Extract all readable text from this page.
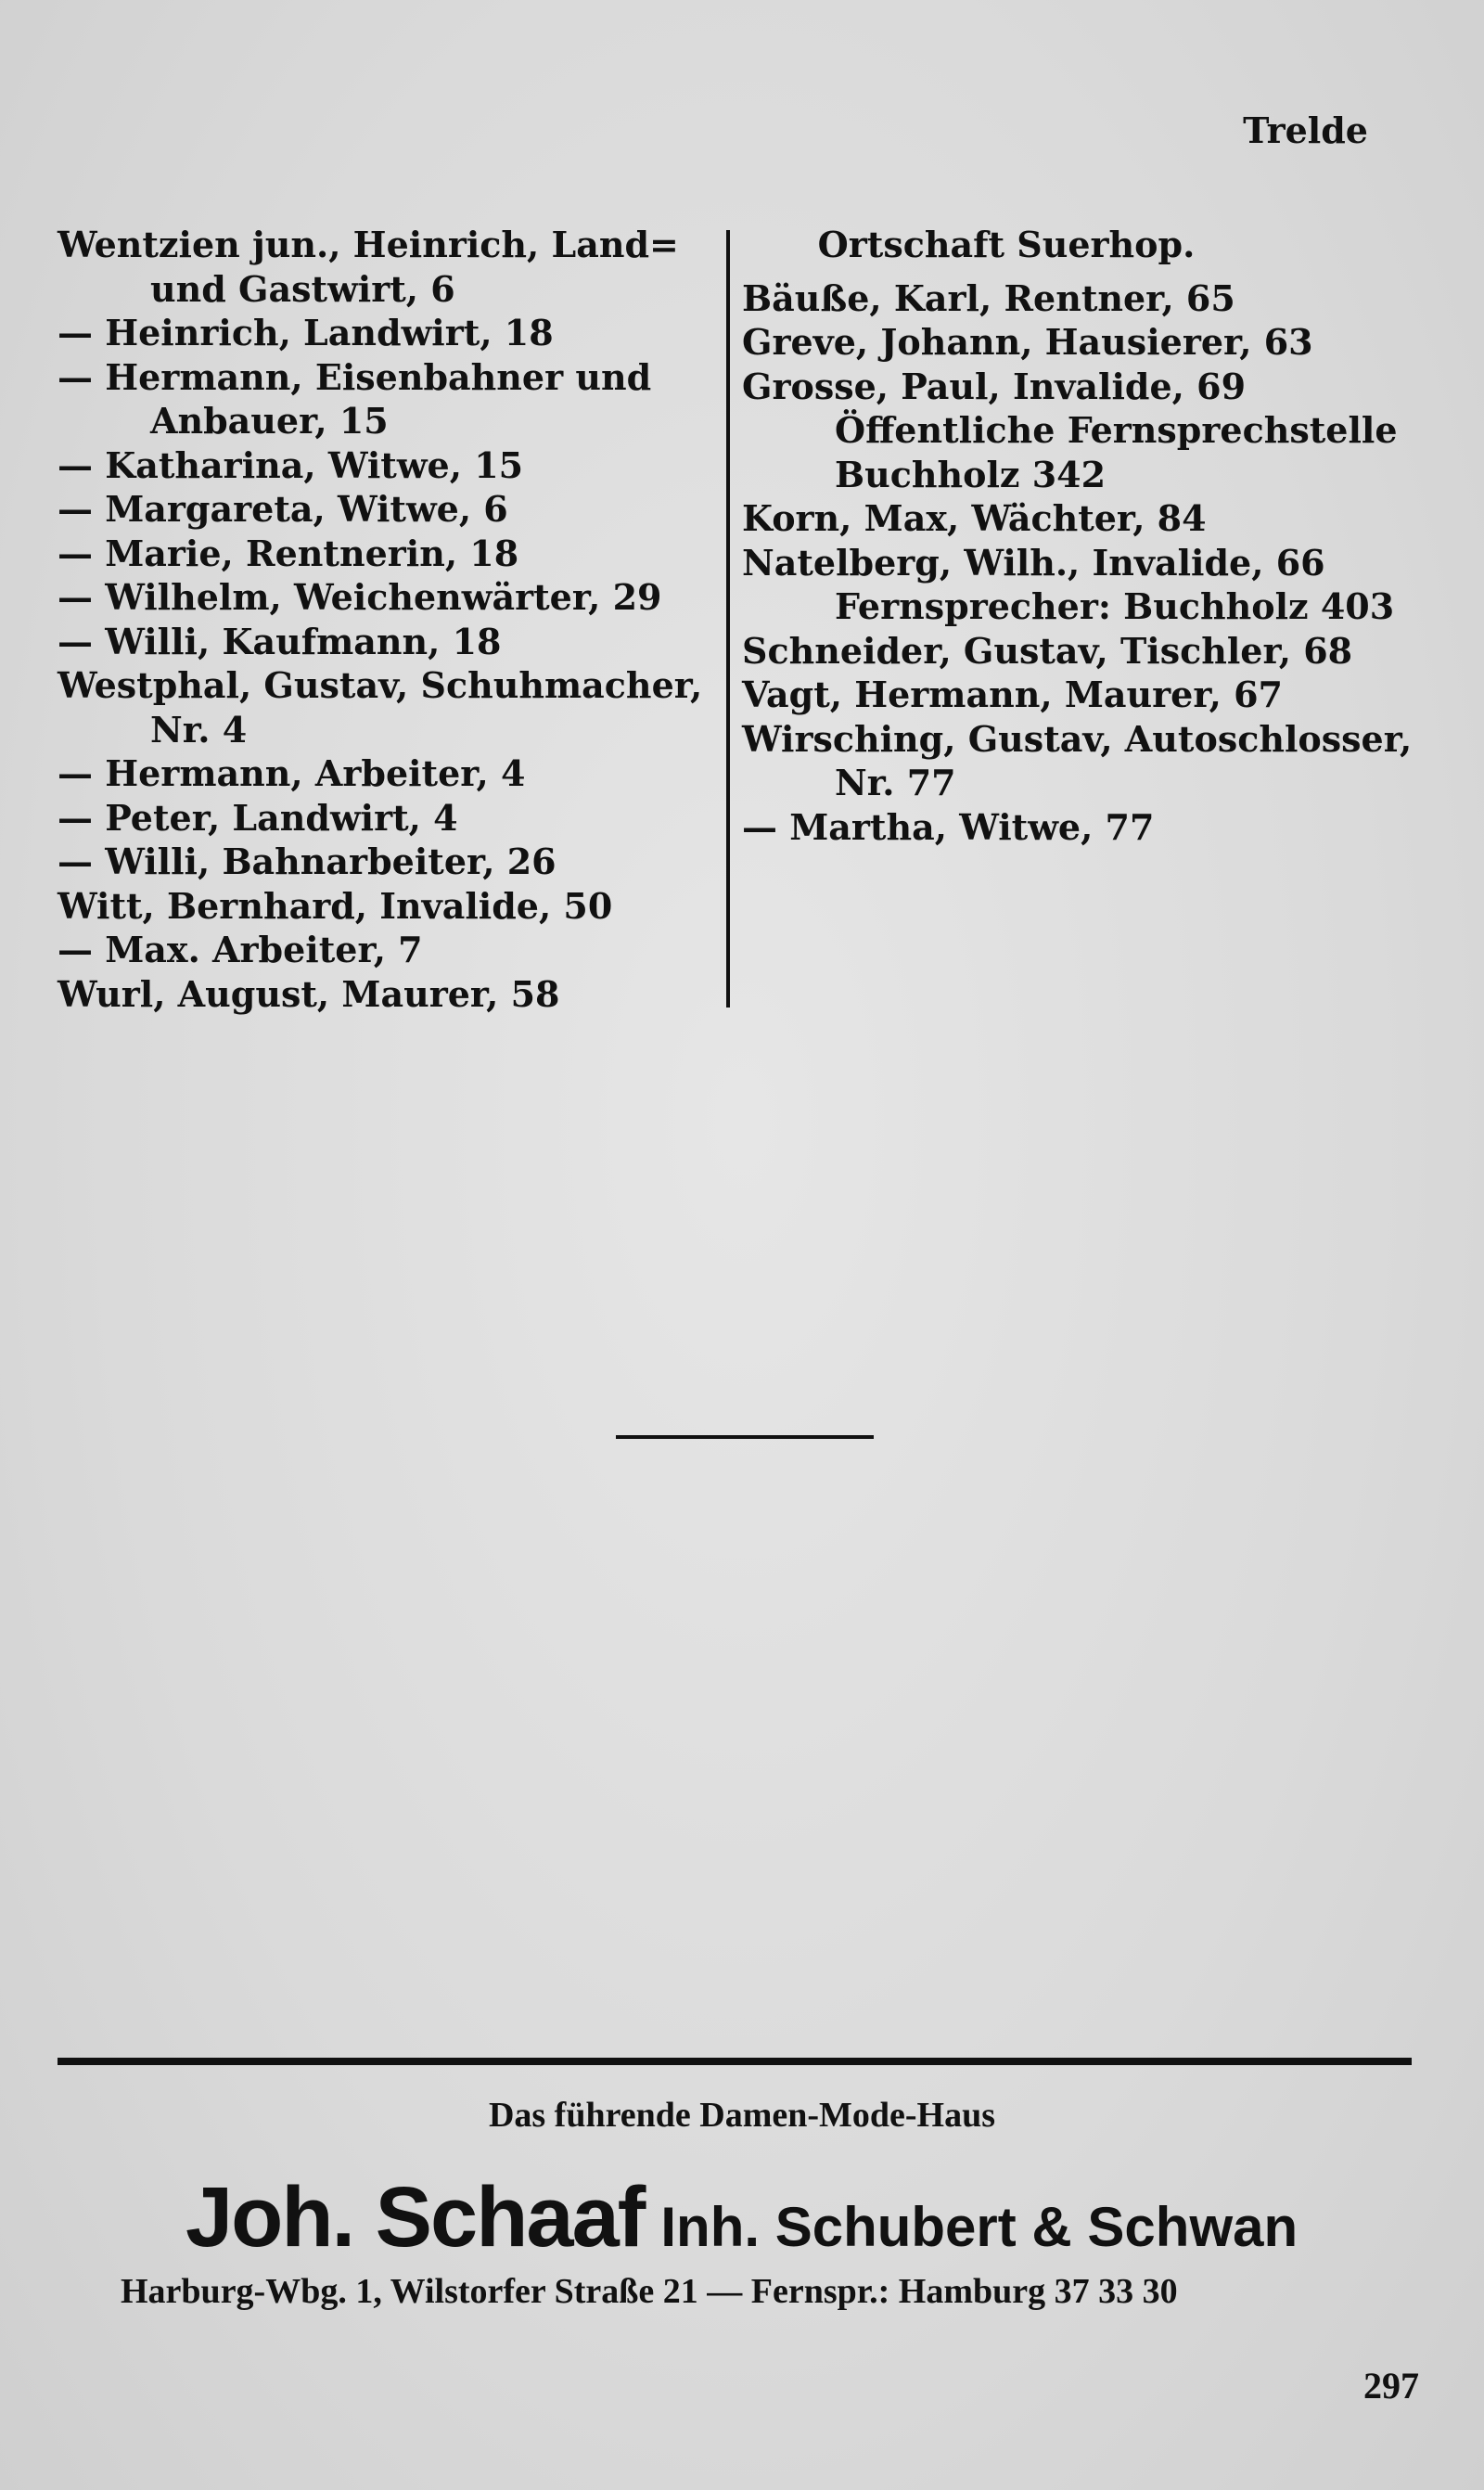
Trelde
Wentzien jun., Heinrich, Land=
und Gastwirt, 6
— Heinrich, Landwirt, 18
— Hermann, Eisenbahner und
Anbauer, 15
— Katharina, Witwe, 15
— Margareta, Witwe, 6
— Marie, Rentnerin, 18
— Wilhelm, Weichenwärter, 29
— Willi, Kaufmann, 18
Westphal, Gustav, Schuhmacher,
Nr. 4
— Hermann, Arbeiter, 4
— Peter, Landwirt, 4
— Willi, Bahnarbeiter, 26
Witt, Bernhard, Invalide, 50
— Max. Arbeiter, 7
Wurl, August, Maurer, 58
Ortschaft Suerhop.
Bäuße, Karl, Rentner, 65
Greve, Johann, Hausierer, 63
Grosse, Paul, Invalide, 69
Öffentliche Fernsprechstelle
Buchholz 342
Korn, Max, Wächter, 84
Natelberg, Wilh., Invalide, 66
Fernsprecher: Buchholz 403
Schneider, Gustav, Tischler, 68
Vagt, Hermann, Maurer, 67
Wirsching, Gustav, Autoschlosser,
Nr. 77
— Martha, Witwe, 77
Das führende Damen-Mode-Haus
Joh. Schaaf Inh. Schubert & Schwan
Harburg-Wbg. 1, Wilstorfer Straße 21 — Fernspr.: Hamburg 37 33 30
297
